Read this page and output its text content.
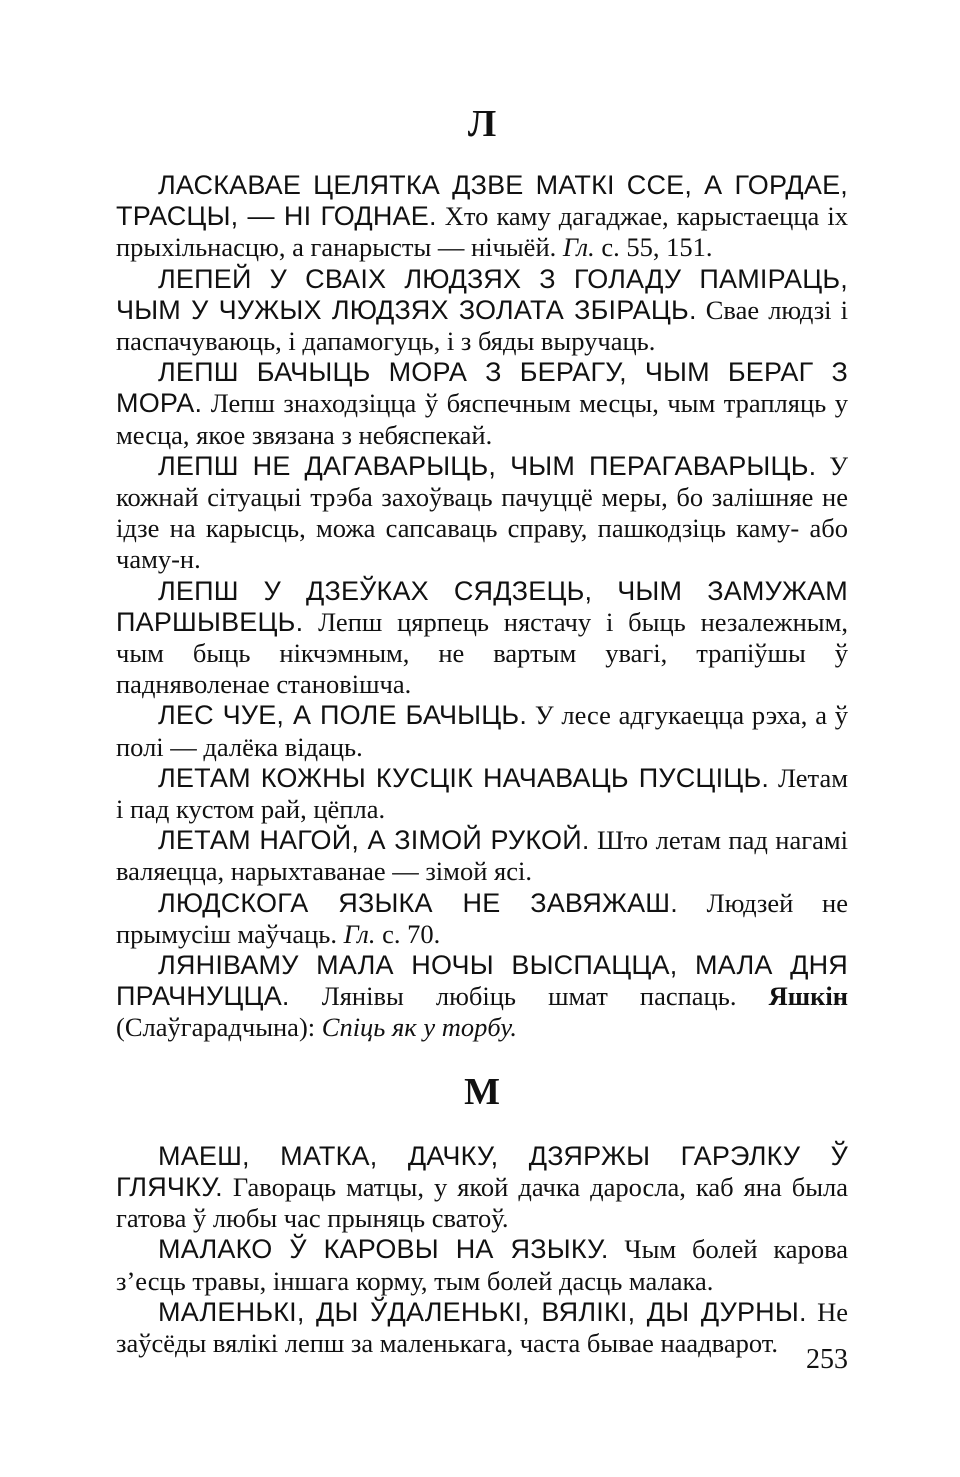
Л

ЛАСКАВАЕ ЦЕЛЯТКА ДЗВЕ МАТКІ ССЕ, А ГОРДАЕ, ТРАСЦЫ, — НІ ГОДНАЕ. Хто каму дагаджае, карыстаецца іх прыхільнасцю, а ганарысты — нічыёй. Гл. с. 55, 151.

ЛЕПЕЙ У СВАІХ ЛЮДЗЯХ З ГОЛАДУ ПАМІРАЦЬ, ЧЫМ У ЧУЖЫХ ЛЮДЗЯХ ЗОЛАТА ЗБІРАЦЬ. Свае людзі і паспачуваюць, і дапамогуць, і з бяды выручаць.

ЛЕПШ БАЧЫЦЬ МОРА З БЕРАГУ, ЧЫМ БЕРАГ З МОРА. Лепш знаходзіцца ў бяспечным месцы, чым трапляць у месца, якое звязана з небяспекай.

ЛЕПШ НЕ ДАГАВАРЫЦЬ, ЧЫМ ПЕРАГАВАРЫЦЬ. У кожнай сітуацыі трэба захоўваць пачуццё меры, бо залішняе не ідзе на карысць, можа сапсаваць справу, пашкодзіць каму- або чаму-н.

ЛЕПШ У ДЗЕЎКАХ СЯДЗЕЦЬ, ЧЫМ ЗАМУЖАМ ПАРШЫВЕЦЬ. Лепш цярпець нястачу і быць незалежным, чым быць нікчэмным, не вартым увагі, трапіўшы ў падняволенае становішча.

ЛЕС ЧУЕ, А ПОЛЕ БАЧЫЦЬ. У лесе адгукаецца рэха, а ў полі — далёка відаць.

ЛЕТАМ КОЖНЫ КУСЦІК НАЧАВАЦЬ ПУСЦІЦЬ. Летам і пад кустом рай, цёпла.

ЛЕТАМ НАГОЙ, А ЗІМОЙ РУКОЙ. Што летам пад нагамі валяецца, нарыхтаванае — зімой ясі.

ЛЮДСКОГА ЯЗЫКА НЕ ЗАВЯЖАШ. Людзей не прымусіш маўчаць. Гл. с. 70.

ЛЯНІВАМУ МАЛА НОЧЫ ВЫСПАЦЦА, МАЛА ДНЯ ПРАЧНУЦЦА. Лянівы любіць шмат паспаць. Яшкін (Слаўгарадчына): Спіць як у торбу.

М

МАЕШ, МАТКА, ДАЧКУ, ДЗЯРЖЫ ГАРЭЛКУ Ў ГЛЯЧКУ. Гавораць матцы, у якой дачка даросла, каб яна была гатова ў любы час прыняць сватоў.

МАЛАКО Ў КАРОВЫ НА ЯЗЫКУ. Чым болей карова з’есць травы, іншага корму, тым болей дасць малака.

МАЛЕНЬКІ, ДЫ ЎДАЛЕНЬКІ, ВЯЛІКІ, ДЫ ДУРНЫ. Не заўсёды вялікі лепш за маленькага, часта бывае наадварот.

253
